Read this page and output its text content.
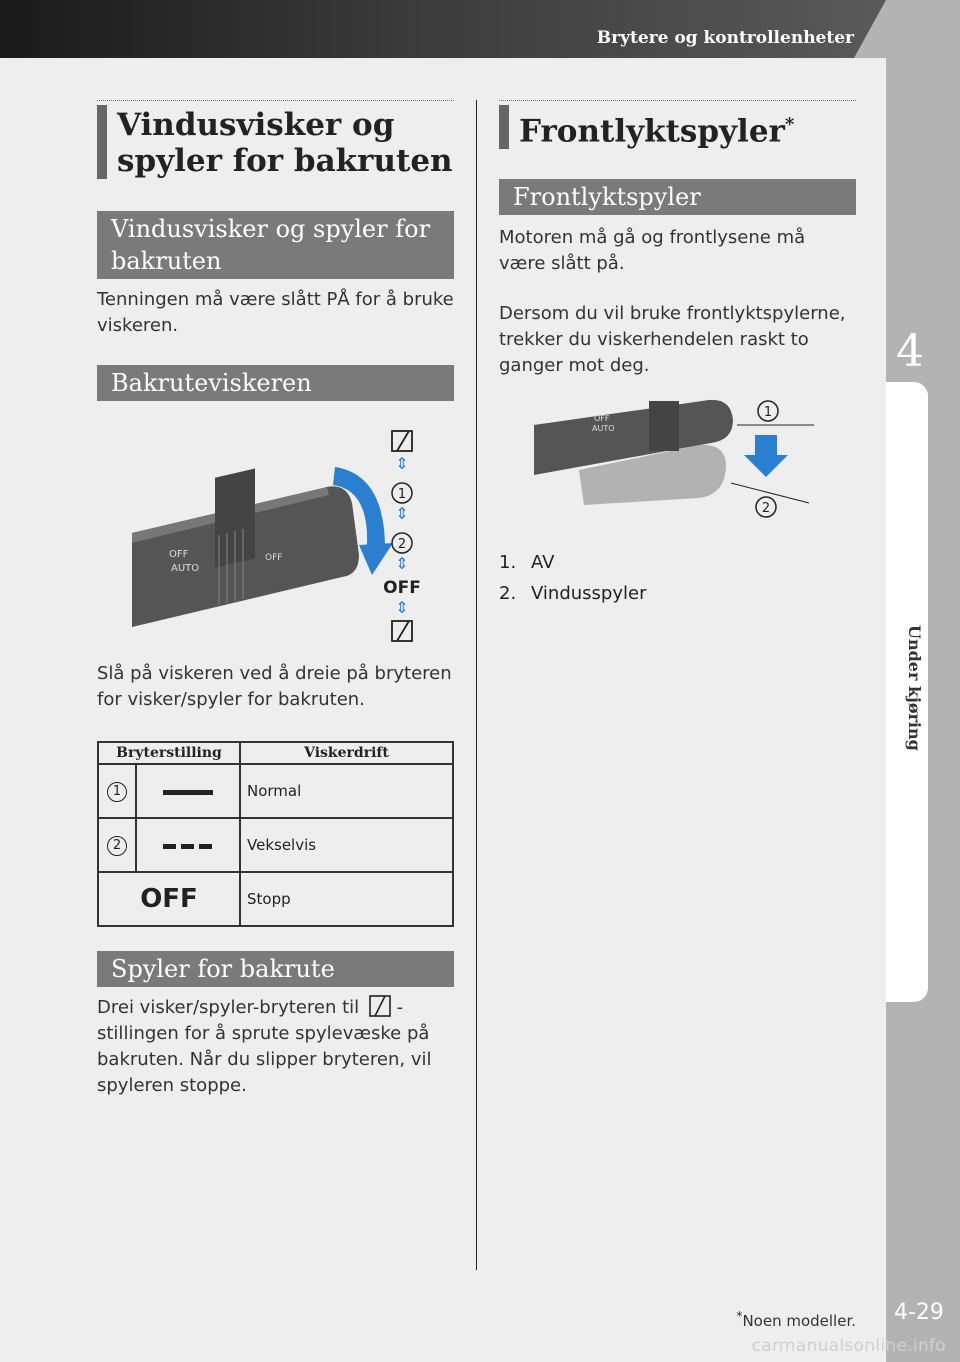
Brytere og kontrollenheter
4
Under kjøring
4-29
Vindusvisker og spyler for bakruten
Vindusvisker og spyler for bakruten

Tenningen må være slått PÅ for å bruke viskeren.

Bakruteviskeren
OFF
AUTO
OFF
⇕
1
⇕
2
⇕
OFF
⇕

Slå på viskeren ved å dreie på bryteren for visker/spyler for bakruten.

Bryterstilling		Viskerdrift
1		Normal
2		Vekselvis
OFF		Stopp
Spyler for bakrute

Drei visker/spyler-bryteren til -stillingen for å sprute spylevæske på bakruten. Når du slipper bryteren, vil spyleren stoppe.

Frontlyktspyler*
Frontlyktspyler

Motoren må gå og frontlysene må være slått på.

Dersom du vil bruke frontlyktspylerne, trekker du viskerhendelen raskt to ganger mot deg.

OFF
AUTO
1
2
1. AV
2. Vindusspyler
*Noen modeller.
carmanualsonline.info
